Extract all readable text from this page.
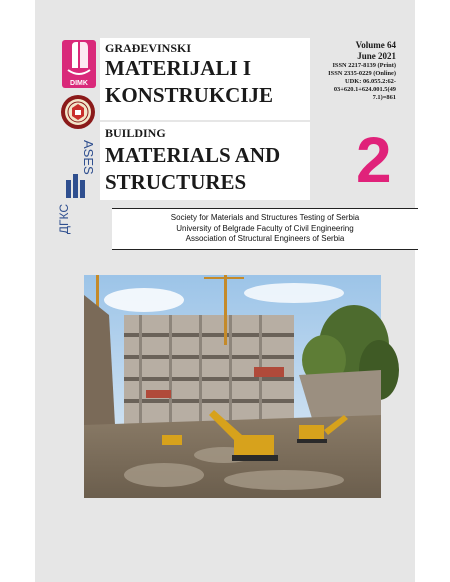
DIMK
ASES
ДГКС
GRAĐEVINSKI
MATERIJALI I
KONSTRUKCIJE
BUILDING
MATERIALS AND
STRUCTURES
Volume 64
June 2021
ISSN 2217-8139 (Print)
ISSN 2335-0229 (Online)
UDK: 06.055.2:62-
03+620.1+624.001.5(49
7.1)=861
2
Society for Materials and Structures Testing of Serbia
University of Belgrade Faculty of Civil Engineering
Association of Structural Engineers of Serbia
